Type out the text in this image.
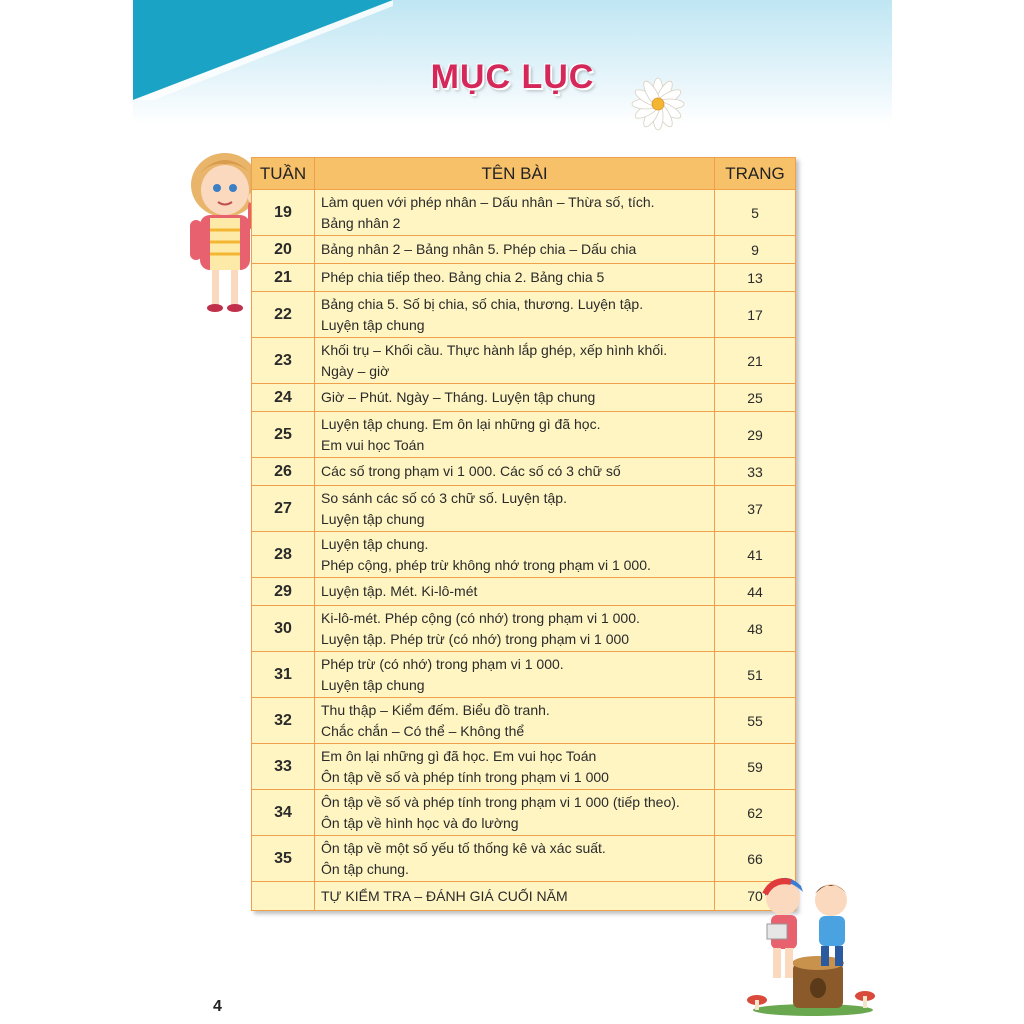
MỤC LỤC
TUẦN	TÊN BÀI	TRANG
19	Làm quen với phép nhân – Dấu nhân – Thừa số, tích.
Bảng nhân 2	5
20	Bảng nhân 2 – Bảng nhân 5. Phép chia – Dấu chia	9
21	Phép chia tiếp theo. Bảng chia 2. Bảng chia 5	13
22	Bảng chia 5. Số bị chia, số chia, thương. Luyện tập.
Luyện tập chung	17
23	Khối trụ – Khối cầu. Thực hành lắp ghép, xếp hình khối.
Ngày – giờ	21
24	Giờ – Phút. Ngày – Tháng. Luyện tập chung	25
25	Luyện tập chung. Em ôn lại những gì đã học.
Em vui học Toán	29
26	Các số trong phạm vi 1 000. Các số có 3 chữ số	33
27	So sánh các số có 3 chữ số. Luyện tập.
Luyện tập chung	37
28	Luyện tập chung.
Phép cộng, phép trừ không nhớ trong phạm vi 1 000.	41
29	Luyện tập. Mét. Ki-lô-mét	44
30	Ki-lô-mét. Phép cộng (có nhớ) trong phạm vi 1 000.
Luyện tập. Phép trừ (có nhớ) trong phạm vi 1 000	48
31	Phép trừ (có nhớ) trong phạm vi 1 000.
Luyện tập chung	51
32	Thu thập – Kiểm đếm. Biểu đồ tranh.
Chắc chắn – Có thể – Không thể	55
33	Em ôn lại những gì đã học. Em vui học Toán
Ôn tập về số và phép tính trong phạm vi 1 000	59
34	Ôn tập về số và phép tính trong phạm vi 1 000 (tiếp theo).
Ôn tập về hình học và đo lường	62
35	Ôn tập về một số yếu tố thống kê và xác suất.
Ôn tập chung.	66

	TỰ KIỂM TRA – ĐÁNH GIÁ CUỐI NĂM	70
4
